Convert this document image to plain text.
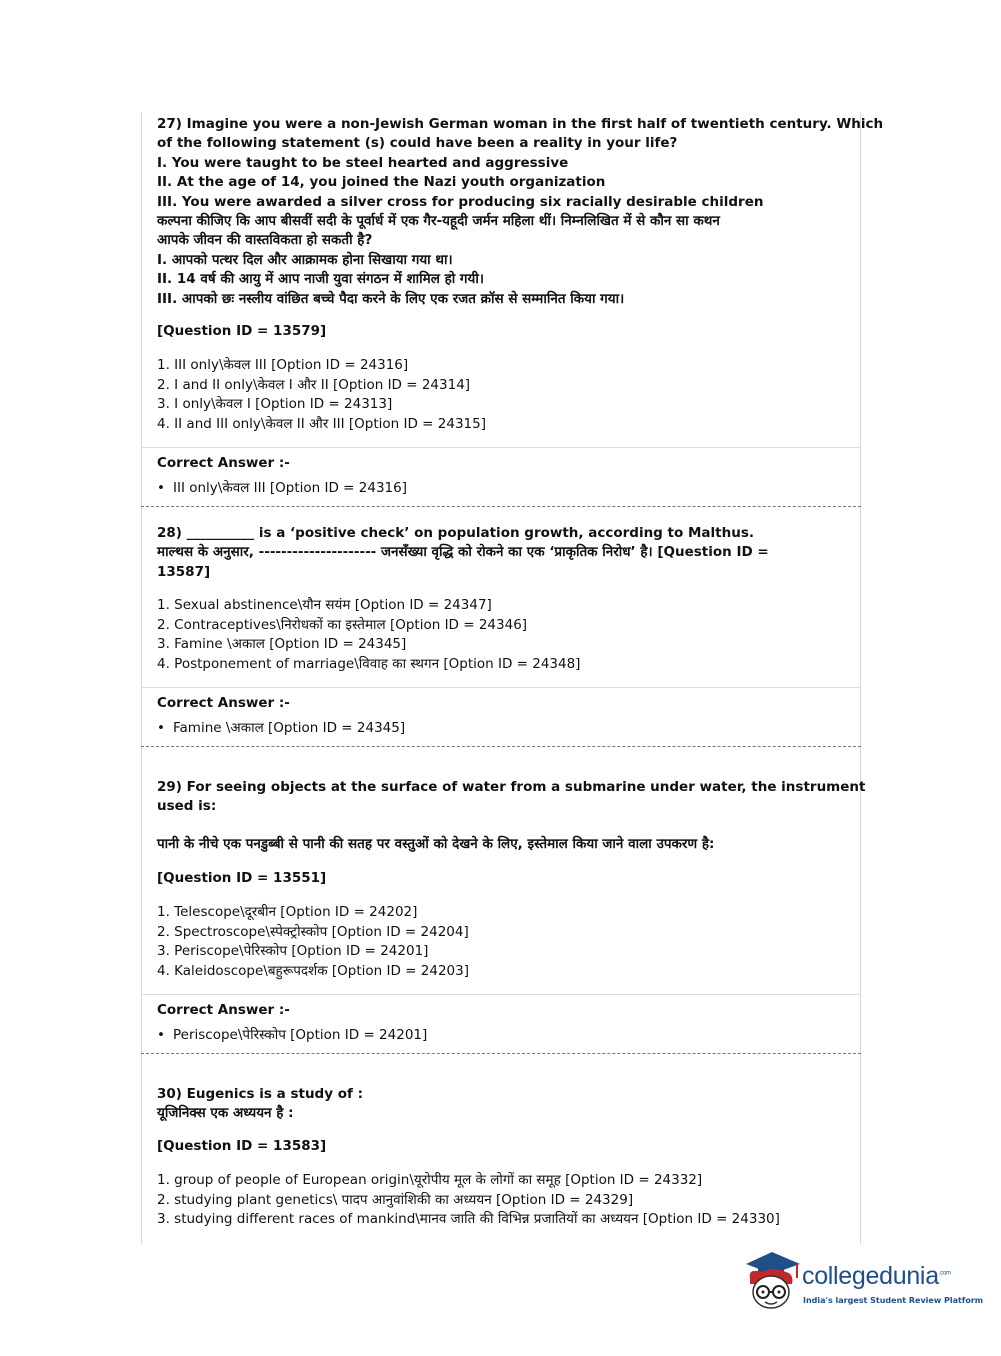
27) Imagine you were a non-Jewish German woman in the first half of twentieth century. Which
of the following statement (s) could have been a reality in your life?
I. You were taught to be steel hearted and aggressive
II. At the age of 14, you joined the Nazi youth organization
III. You were awarded a silver cross for producing six racially desirable children
कल्पना कीजिए कि आप बीसवीं सदी के पूर्वार्ध में एक गैर-यहूदी जर्मन महिला थीं। निम्नलिखित में से कौन सा कथन
आपके जीवन की वास्तविकता हो सकती है?
I. आपको पत्थर दिल और आक्रामक होना सिखाया गया था।
II. 14 वर्ष की आयु में आप नाजी युवा संगठन में शामिल हो गयी।
III. आपको छः नस्लीय वांछित बच्चे पैदा करने के लिए एक रजत क्रॉस से सम्मानित किया गया।
[Question ID = 13579]
1. III only\केवल III [Option ID = 24316]
2. I and II only\केवल I और II [Option ID = 24314]
3. I only\केवल I [Option ID = 24313]
4. II and III only\केवल II और III [Option ID = 24315]
Correct Answer :-
• III only\केवल III [Option ID = 24316]
28) __________ is a ‘positive check’ on population growth, according to Malthus.
माल्थस के अनुसार, --------------------- जनसँख्या वृद्धि को रोकने का एक ‘प्राकृतिक निरोध’ है। [Question ID =
13587]
1. Sexual abstinence\यौन सयंम [Option ID = 24347]
2. Contraceptives\निरोधकों का इस्तेमाल [Option ID = 24346]
3. Famine \अकाल [Option ID = 24345]
4. Postponement of marriage\विवाह का स्थगन [Option ID = 24348]
Correct Answer :-
• Famine \अकाल [Option ID = 24345]
29) For seeing objects at the surface of water from a submarine under water, the instrument
used is:
पानी के नीचे एक पनडुब्बी से पानी की सतह पर वस्तुओं को देखने के लिए, इस्तेमाल किया जाने वाला उपकरण है:
[Question ID = 13551]
1. Telescope\दूरबीन [Option ID = 24202]
2. Spectroscope\स्पेक्ट्रोस्कोप [Option ID = 24204]
3. Periscope\पेरिस्कोप [Option ID = 24201]
4. Kaleidoscope\बहुरूपदर्शक [Option ID = 24203]
Correct Answer :-
• Periscope\पेरिस्कोप [Option ID = 24201]
30) Eugenics is a study of :
यूजिनिक्स एक अध्ययन है :
[Question ID = 13583]
1. group of people of European origin\यूरोपीय मूल के लोगों का समूह [Option ID = 24332]
2. studying plant genetics\ पादप आनुवांशिकी का अध्ययन [Option ID = 24329]
3. studying different races of mankind\मानव जाति की विभिन्न प्रजातियों का अध्ययन [Option ID = 24330]
collegedunia$^{.com}$
India's largest Student Review Platform
